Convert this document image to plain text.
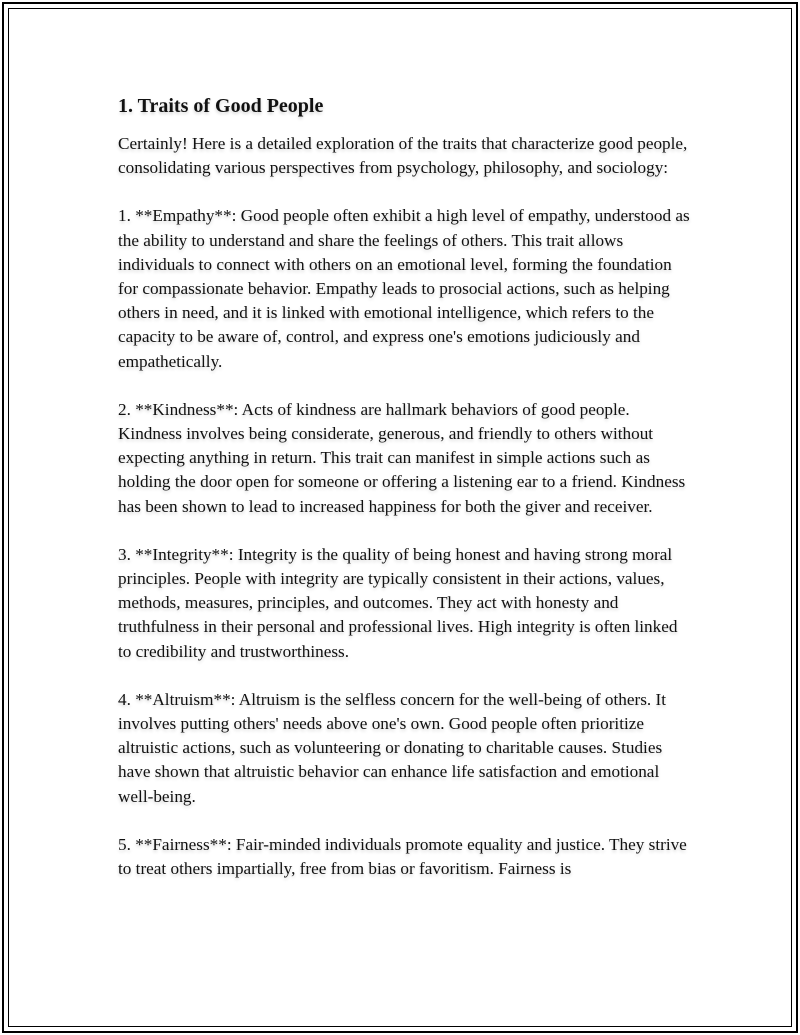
1. Traits of Good People

Certainly! Here is a detailed exploration of the traits that characterize good people, consolidating various perspectives from psychology, philosophy, and sociology:

1. **Empathy**: Good people often exhibit a high level of empathy, understood as the ability to understand and share the feelings of others. This trait allows individuals to connect with others on an emotional level, forming the foundation for compassionate behavior. Empathy leads to prosocial actions, such as helping others in need, and it is linked with emotional intelligence, which refers to the capacity to be aware of, control, and express one's emotions judiciously and empathetically.

2. **Kindness**: Acts of kindness are hallmark behaviors of good people. Kindness involves being considerate, generous, and friendly to others without expecting anything in return. This trait can manifest in simple actions such as holding the door open for someone or offering a listening ear to a friend. Kindness has been shown to lead to increased happiness for both the giver and receiver.

3. **Integrity**: Integrity is the quality of being honest and having strong moral principles. People with integrity are typically consistent in their actions, values, methods, measures, principles, and outcomes. They act with honesty and truthfulness in their personal and professional lives. High integrity is often linked to credibility and trustworthiness.

4. **Altruism**: Altruism is the selfless concern for the well-being of others. It involves putting others' needs above one's own. Good people often prioritize altruistic actions, such as volunteering or donating to charitable causes. Studies have shown that altruistic behavior can enhance life satisfaction and emotional well-being.

5. **Fairness**: Fair-minded individuals promote equality and justice. They strive to treat others impartially, free from bias or favoritism. Fairness is
